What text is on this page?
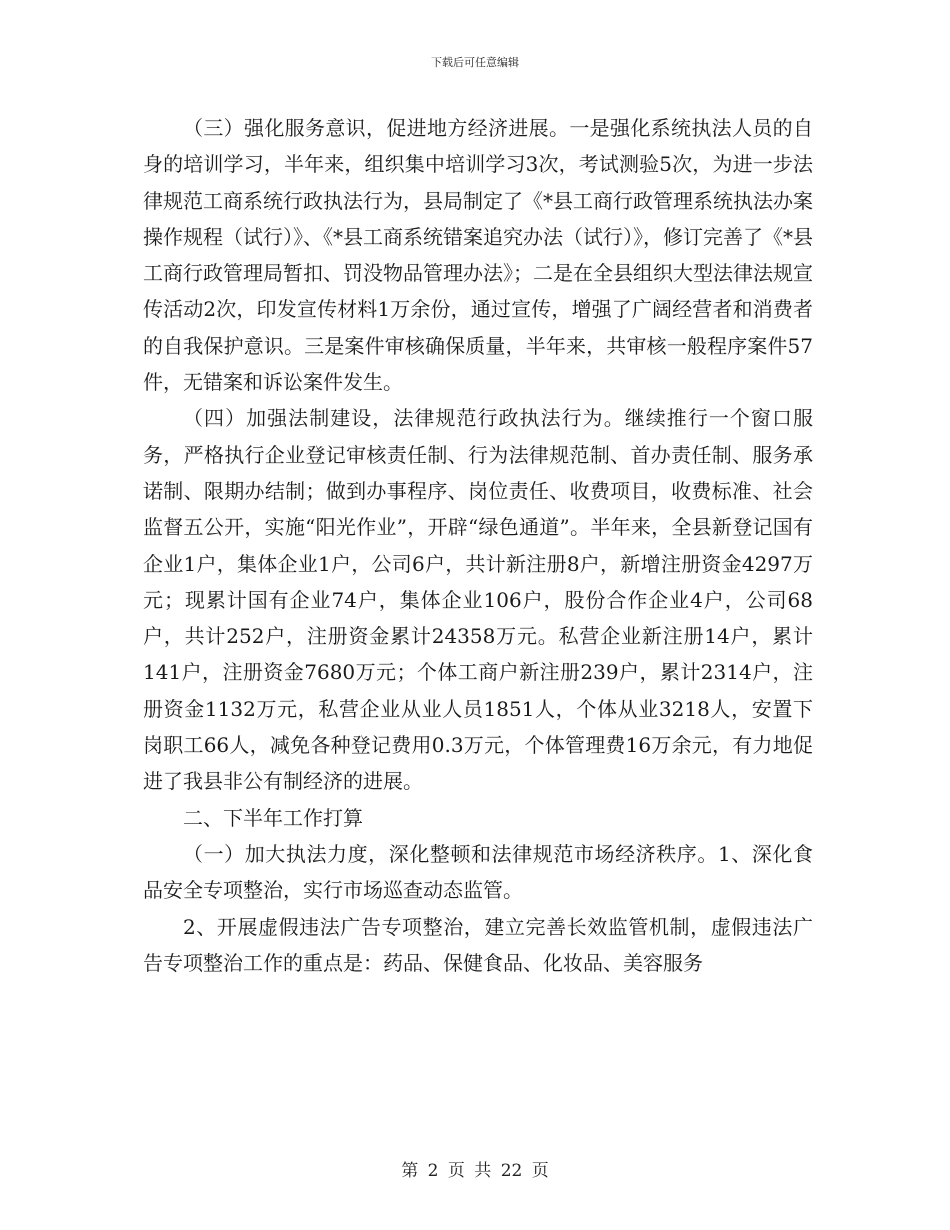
下载后可任意编辑

（三）强化服务意识，促进地方经济进展。一是强化系统执法人员的自身的培训学习，半年来，组织集中培训学习3次，考试测验5次，为进一步法律规范工商系统行政执法行为，县局制定了《*县工商行政管理系统执法办案操作规程（试行）》、《*县工商系统错案追究办法（试行）》，修订完善了《*县工商行政管理局暂扣、罚没物品管理办法》；二是在全县组织大型法律法规宣传活动2次，印发宣传材料1万余份，通过宣传，增强了广阔经营者和消费者的自我保护意识。三是案件审核确保质量，半年来，共审核一般程序案件57件，无错案和诉讼案件发生。

（四）加强法制建设，法律规范行政执法行为。继续推行一个窗口服务，严格执行企业登记审核责任制、行为法律规范制、首办责任制、服务承诺制、限期办结制；做到办事程序、岗位责任、收费项目，收费标准、社会监督五公开，实施“阳光作业”，开辟“绿色通道”。半年来，全县新登记国有企业1户，集体企业1户，公司6户，共计新注册8户，新增注册资金4297万元；现累计国有企业74户，集体企业106户，股份合作企业4户，公司68户，共计252户，注册资金累计24358万元。私营企业新注册14户，累计141户，注册资金7680万元；个体工商户新注册239户，累计2314户，注册资金1132万元，私营企业从业人员1851人，个体从业3218人，安置下岗职工66人，减免各种登记费用0.3万元，个体管理费16万余元，有力地促进了我县非公有制经济的进展。

二、下半年工作打算

（一）加大执法力度，深化整顿和法律规范市场经济秩序。1、深化食品安全专项整治，实行市场巡查动态监管。

2、开展虚假违法广告专项整治，建立完善长效监管机制，虚假违法广告专项整治工作的重点是：药品、保健食品、化妆品、美容服务

第 2 页 共 22 页
